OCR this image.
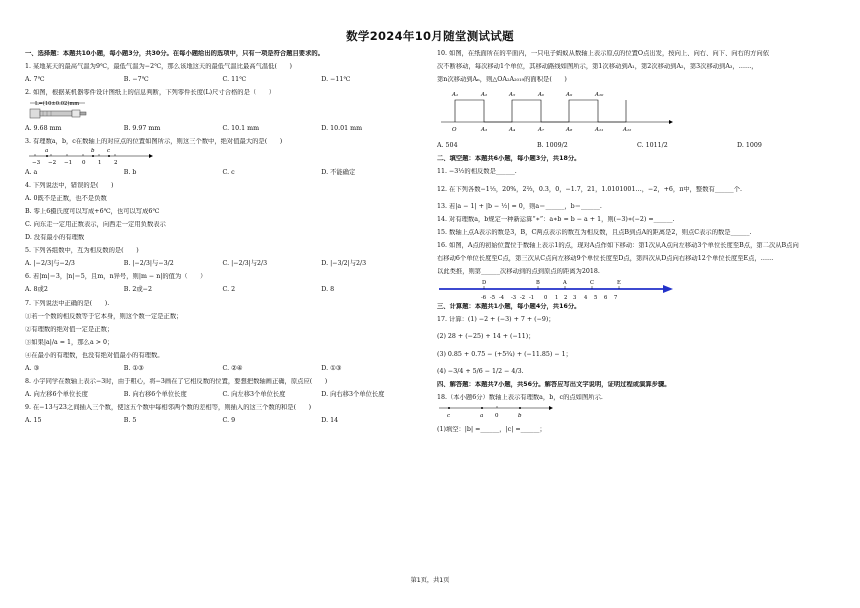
数学2024年10月随堂测试试题
一、选择题：本题共10小题，每小题3分，共30分。在每小题给出的选项中，只有一项是符合题目要求的。
1. 某地某天的最高气温为9℃，最低气温为−2℃，那么该地这天的最低气温比最高气温低(　　)
A. 7℃	B. −7℃	C. 11℃	D. −11℃
2. 如图，根据某机器零件设计图纸上的信息判断，下列零件长度(L)尺寸合格的是（　　）
L=(10±0.02)mm
A. 9.68 mm	B. 9.97 mm	C. 10.1 mm	D. 10.01 mm
3. 有理数a，b，c在数轴上的对应点的位置如图所示，则这三个数中，绝对值最大的是(　　)
−3 −2 −1 0 1 2
a	b c
A. a	B. b	C. c	D. 不能确定
4. 下列说法中，错误的是(　　)
A. 0既不是正数，也不是负数
B. 零上6摄氏度可以写成+6℃，也可以写成6℃
C. 向东走一定用正数表示，向西走一定用负数表示
D. 没有最小的有理数
5. 下列各组数中，互为相反数的是(　　)
A. |−2/3|与−2/3	B. |−2/3|与−3/2	C. |−2/3|与2/3	D. |−3/2|与2/3
6. 若|m|＝3，|n|＝5，且m，n异号，则|m − n|的值为（　　）
A. 8或2	B. 2或−2	C. 2	D. 8
7. 下列说法中正确的是(　　).
①若一个数的相反数等于它本身，则这个数一定是正数；
②有理数的绝对值一定是正数；
③如果|a|/a = 1，那么a > 0；
④在最小的有理数，也没有绝对值最小的有理数。
A. ③	B. ①③	C. ②④	D. ①③
8. 小宇同学在数轴上表示−3时，由于粗心，将−3画在了它相反数的位置，要想把数轴画正确，原点应(　　)
A. 向左移6个单位长度	B. 向右移6个单位长度	C. 向左移3个单位长度	D. 向右移3个单位长度
9. 在−13与23之间插入三个数，使这五个数中每相邻两个数的差相等，则插入的这三个数的和是(　　)
A. 15	B. 5	C. 9	D. 14
10. 如图，在纸面所在的平面内，一只电子蚂蚁从数轴上表示原点的位置O点出发，按向上、向右、向下、向右的方向依
次不断移动，每次移动1个单位，其移动路线如图所示，第1次移动到A₁，第2次移动到A₂，第3次移动到A₃，……，
第n次移动到Aₙ，则△OA₂A₂₀₁₉的面积是(　　)
A₁	A₂	A₅	A₆	A₉	A₁₀
O	A₃	A₄	A₇	A₈	A₁₁	A₁₂
A. 504	B. 1009/2	C. 1011/2	D. 1009
二、填空题：本题共6小题，每小题3分，共18分。
11. −3½的相反数是______.
12. 在下列各数−1⅓，20%，2⅔，0.3，0，−1.7，21，1.0101001…，−2，+6，π中，整数有______个.
13. 若|a − 1| + |b − ½| = 0，则a＝______，b＝______.
14. 对有理数a，b规定一种新运算“∗”：a∗b = b − a + 1，则(−3)∗(−2) =______.
15. 数轴上点A表示的数是3，B，C两点表示的数互为相反数，且点B到点A的距离是2，则点C表示的数是______.
16. 如图，A点的初始位置位于数轴上表示1的点，现对A点作如下移动：第1次从A点向左移动3个单位长度至B点，第二次从B点向
右移动6个单位长度至C点，第三次从C点向左移动9个单位长度至D点，第四次从D点向右移动12个单位长度至E点，……
以此类推，则第______次移动到的点到原点的距离为2018.
D	B	A	C	E
-6 -5 -4 -3 -2 -1 0 1 2 3 4 5 6 7
三、计算题：本题共1小题，每小题4分，共16分。
17. 计算：(1) −2 + (−3) + 7 + (−9)；
(2) 28 + (−25) + 14 + (−11)；
(3) 0.85 + 0.75 − (+5¾) + (−11.85) − 1；
(4) −3/4 + 5/6 − 1/2 − 4/3.
四、解答题：本题共7小题，共56分。解答应写出文字说明，证明过程或演算步骤。
18.（本小题6分）数轴上表示有理数a，b，c的点如图所示.
c	a 0	b
(1)填空：|b| =______，|c| =______；
第1页，共1页
